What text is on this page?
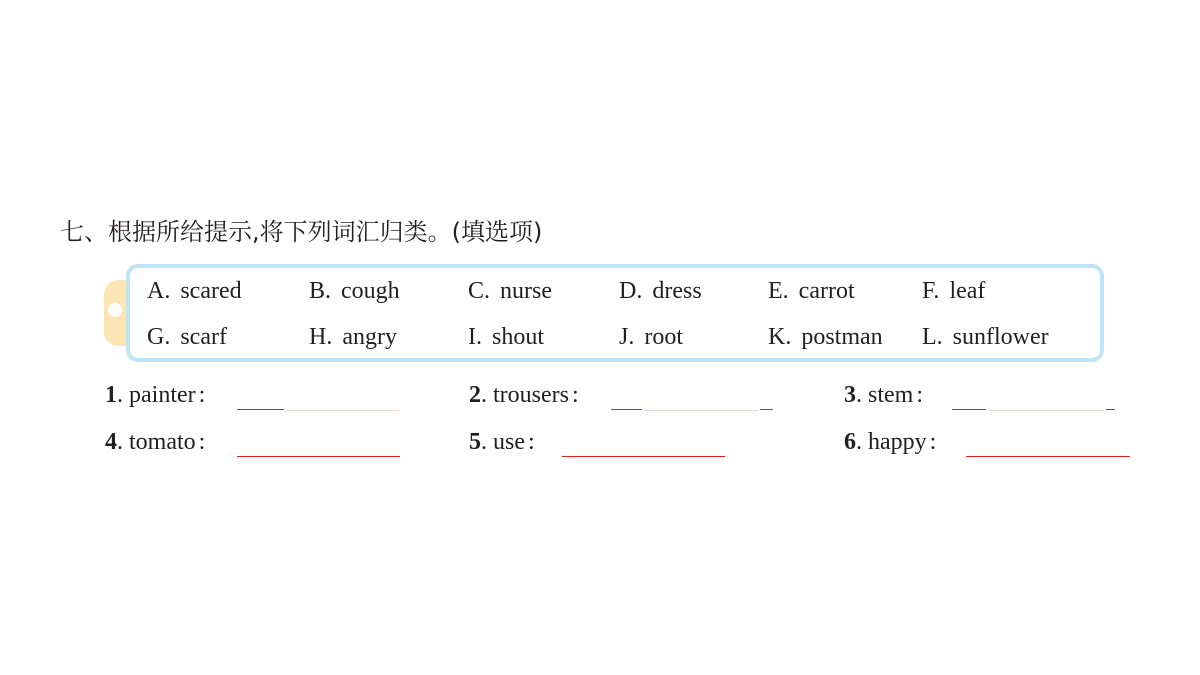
七、根据所给提示,将下列词汇归类。(填选项)
A. scared	B. cough	C. nurse	D. dress	E. carrot	F. leaf
G. scarf	H. angry	I. shout	J. root	K. postman L. sunflower
1. painter :	2. trousers :	3. stem :
4. tomato :	5. use :	6. happy :
